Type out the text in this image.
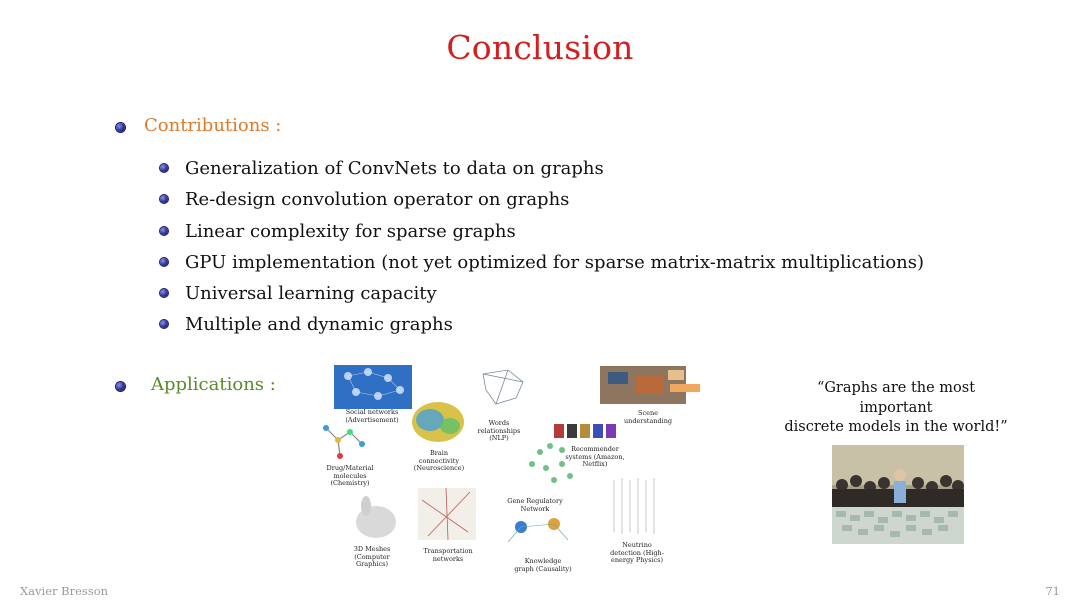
Conclusion
Contributions :
Generalization of ConvNets to data on graphs
Re-design convolution operator on graphs
Linear complexity for sparse graphs
GPU implementation (not yet optimized for sparse matrix-matrix multiplications)
Universal learning capacity
Multiple and dynamic graphs
Applications :
Social networks (Advertisement)	Words relationships (NLP)
Scene understanding
Drug/Material molecules (Chemistry)
Brain connectivity (Neuroscience)
Recommender systems (Amazon, Netflix)
Gene Regulatory Network
3D Meshes (Computer Graphics)
Transportation networks	Knowledge graph (Causality)
Neutrino detection (High-energy Physics)
“Graphs are the most important
discrete models in the world!”
Xavier Bresson	71
